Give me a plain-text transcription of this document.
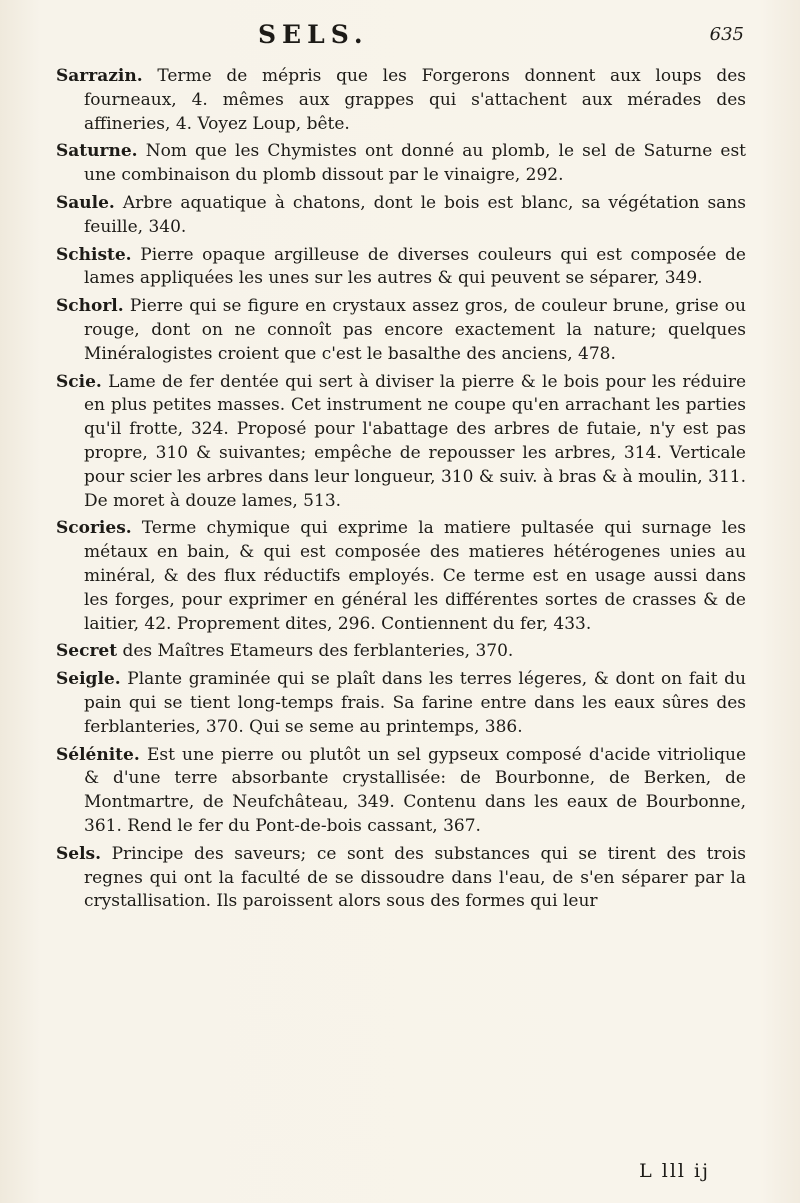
SELS.	635

Sarrazin. Terme de mépris que les Forgerons donnent aux loups des fourneaux, 4. mêmes aux grappes qui s'attachent aux mérades des affineries, 4. Voyez Loup, bête.

Saturne. Nom que les Chymistes ont donné au plomb, le sel de Saturne est une combinaison du plomb dissout par le vinaigre, 292.

Saule. Arbre aquatique à chatons, dont le bois est blanc, sa végétation sans feuille, 340.

Schiste. Pierre opaque argilleuse de diverses couleurs qui est composée de lames appliquées les unes sur les autres & qui peuvent se séparer, 349.

Schorl. Pierre qui se figure en crystaux assez gros, de couleur brune, grise ou rouge, dont on ne connoît pas encore exactement la nature; quelques Minéralogistes croient que c'est le basalthe des anciens, 478.

Scie. Lame de fer dentée qui sert à diviser la pierre & le bois pour les réduire en plus petites masses. Cet instrument ne coupe qu'en arrachant les parties qu'il frotte, 324. Proposé pour l'abattage des arbres de futaie, n'y est pas propre, 310 & suivantes; empêche de repousser les arbres, 314. Verticale pour scier les arbres dans leur longueur, 310 & suiv. à bras & à moulin, 311. De moret à douze lames, 513.

Scories. Terme chymique qui exprime la matiere pultasée qui surnage les métaux en bain, & qui est composée des matieres hétérogenes unies au minéral, & des flux réductifs employés. Ce terme est en usage aussi dans les forges, pour exprimer en général les différentes sortes de crasses & de laitier, 42. Proprement dites, 296. Contiennent du fer, 433.

Secret des Maîtres Etameurs des ferblanteries, 370.

Seigle. Plante graminée qui se plaît dans les terres légeres, & dont on fait du pain qui se tient long-temps frais. Sa farine entre dans les eaux sûres des ferblanteries, 370. Qui se seme au printemps, 386.

Sélénite. Est une pierre ou plutôt un sel gypseux composé d'acide vitriolique & d'une terre absorbante crystallisée: de Bourbonne, de Berken, de Montmartre, de Neufchâteau, 349. Contenu dans les eaux de Bourbonne, 361. Rend le fer du Pont-de-bois cassant, 367.

Sels. Principe des saveurs; ce sont des substances qui se tirent des trois regnes qui ont la faculté de se dissoudre dans l'eau, de s'en séparer par la crystallisation. Ils paroissent alors sous des formes qui leur

L lll ij
